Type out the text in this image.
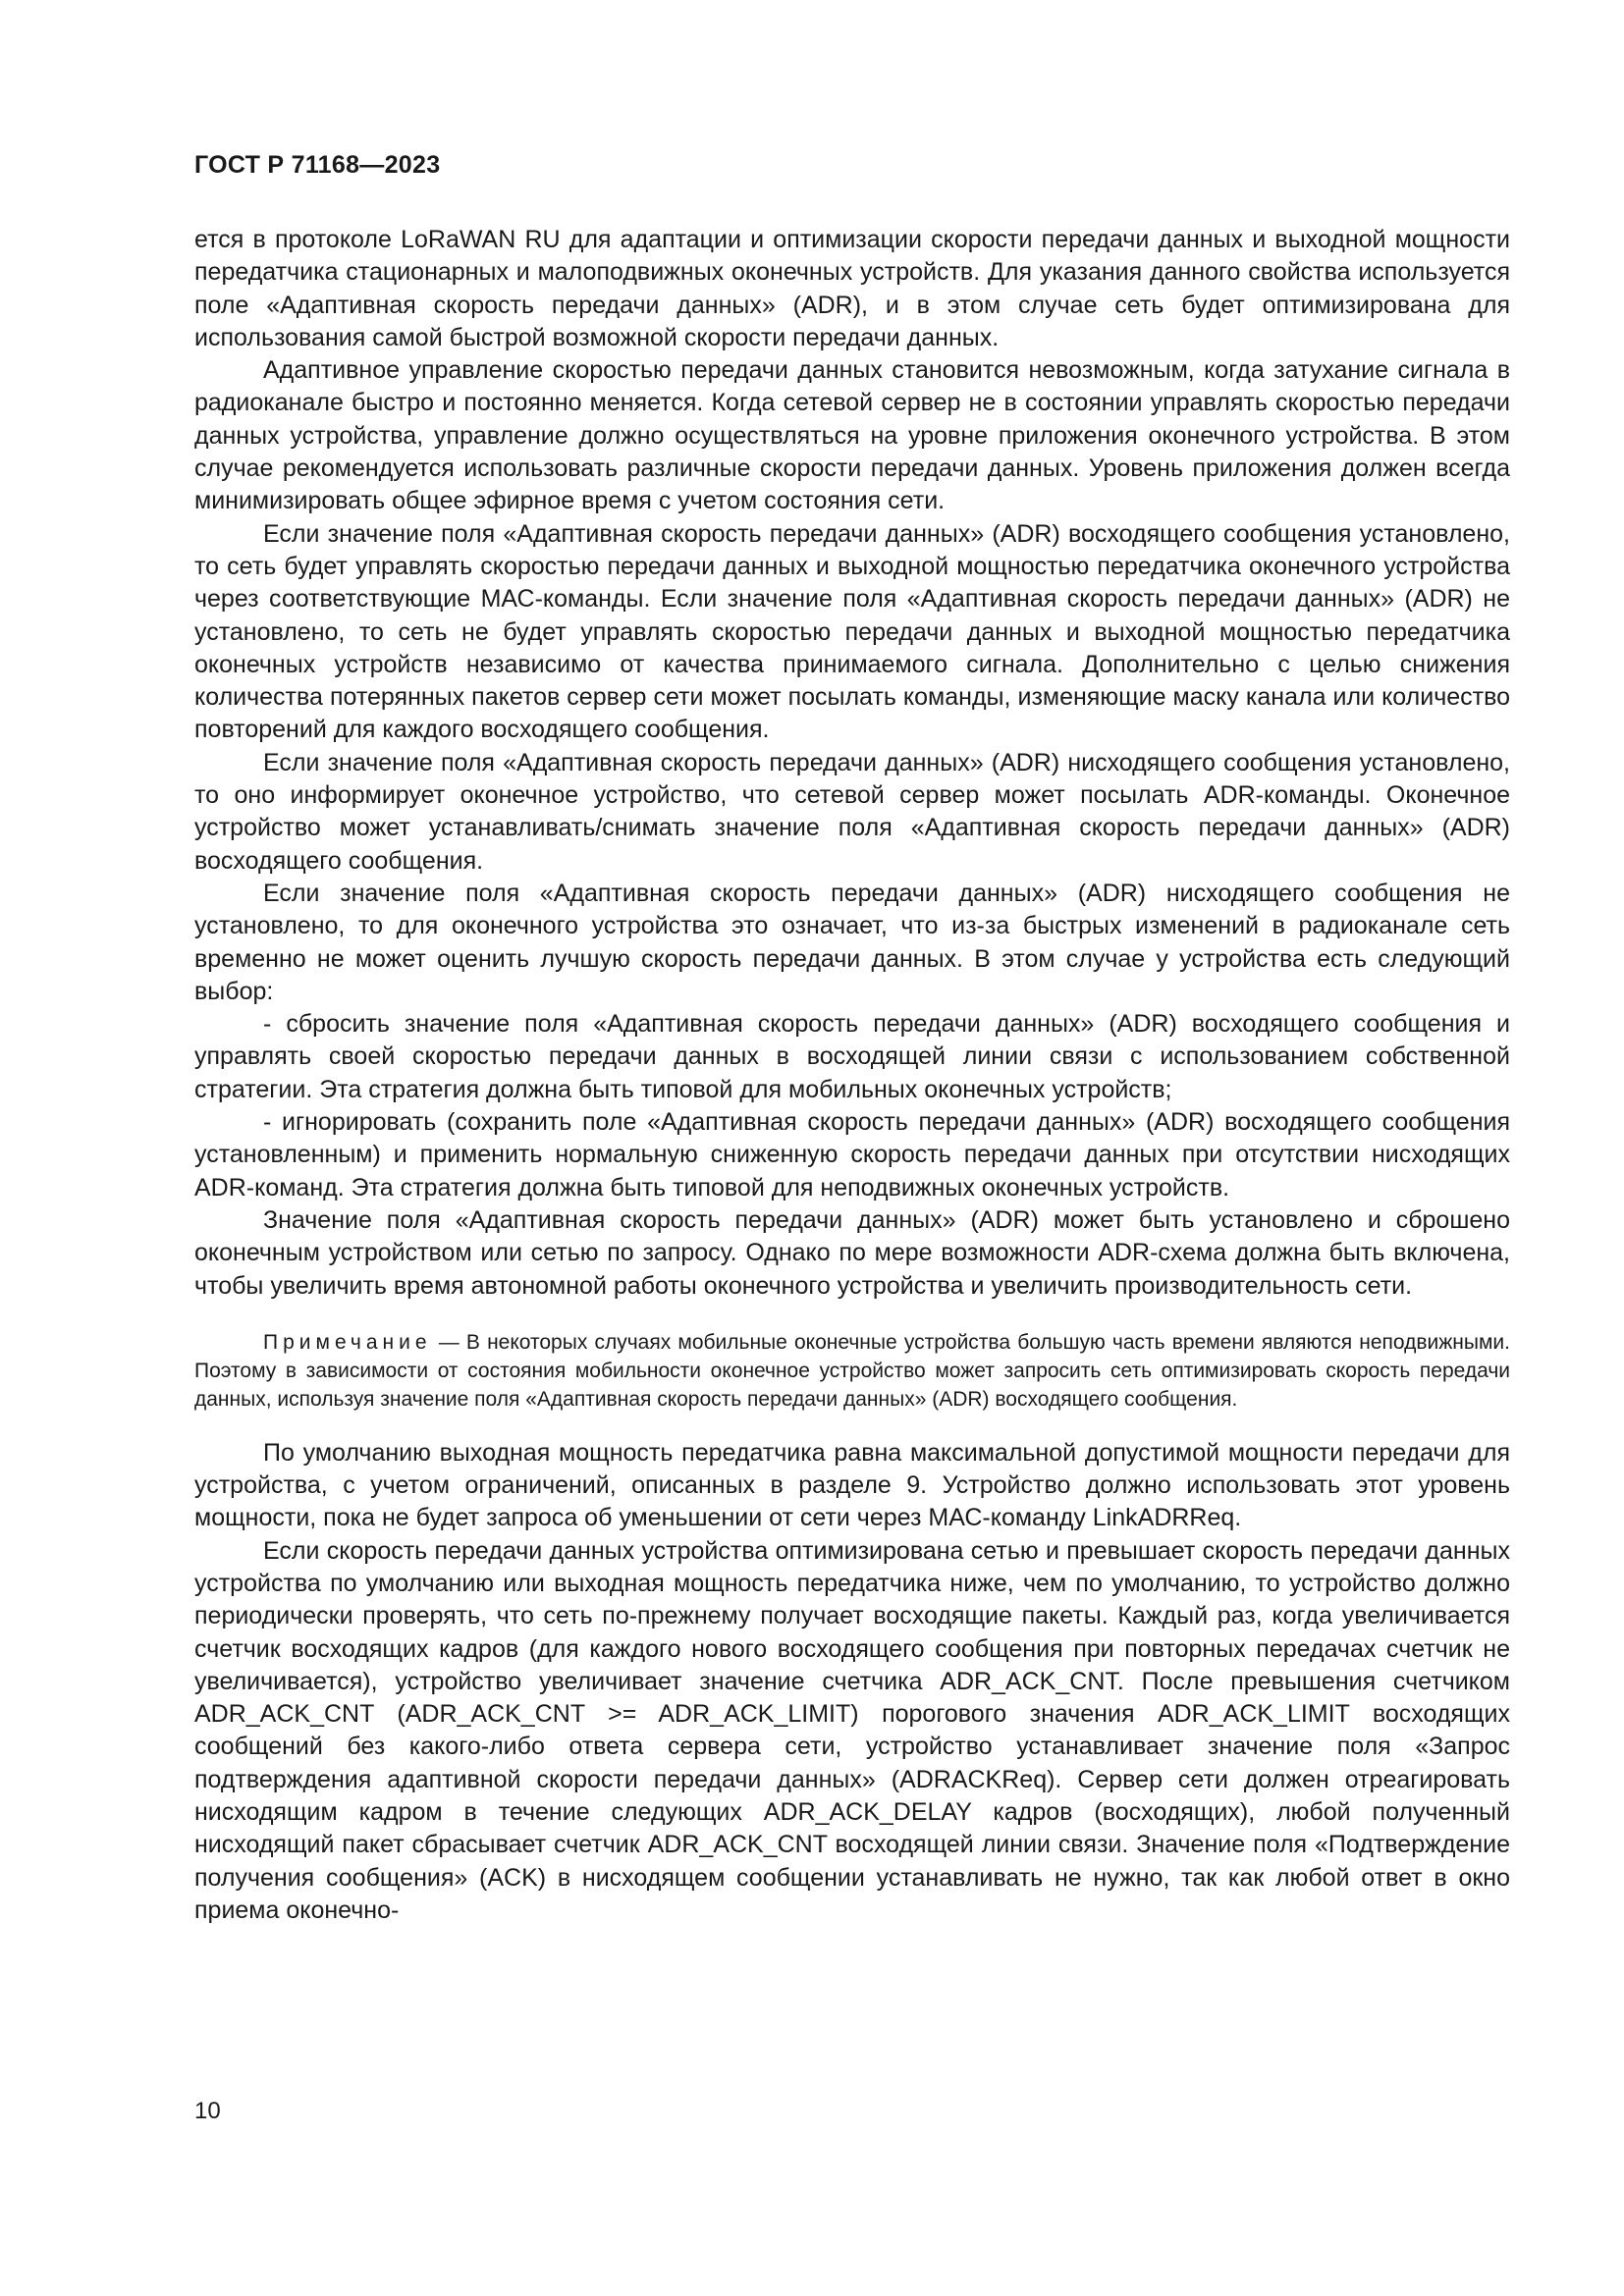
ГОСТ Р 71168—2023

ется в протоколе LoRaWAN RU для адаптации и оптимизации скорости передачи данных и выходной мощности передатчика стационарных и малоподвижных оконечных устройств. Для указания данного свойства используется поле «Адаптивная скорость передачи данных» (ADR), и в этом случае сеть будет оптимизирована для использования самой быстрой возможной скорости передачи данных.

Адаптивное управление скоростью передачи данных становится невозможным, когда затухание сигнала в радиоканале быстро и постоянно меняется. Когда сетевой сервер не в состоянии управлять скоростью передачи данных устройства, управление должно осуществляться на уровне приложения оконечного устройства. В этом случае рекомендуется использовать различные скорости передачи данных. Уровень приложения должен всегда минимизировать общее эфирное время с учетом состояния сети.

Если значение поля «Адаптивная скорость передачи данных» (ADR) восходящего сообщения установлено, то сеть будет управлять скоростью передачи данных и выходной мощностью передатчика оконечного устройства через соответствующие МАС-команды. Если значение поля «Адаптивная скорость передачи данных» (ADR) не установлено, то сеть не будет управлять скоростью передачи данных и выходной мощностью передатчика оконечных устройств независимо от качества принимаемого сигнала. Дополнительно с целью снижения количества потерянных пакетов сервер сети может посылать команды, изменяющие маску канала или количество повторений для каждого восходящего сообщения.

Если значение поля «Адаптивная скорость передачи данных» (ADR) нисходящего сообщения установлено, то оно информирует оконечное устройство, что сетевой сервер может посылать ADR-команды. Оконечное устройство может устанавливать/снимать значение поля «Адаптивная скорость передачи данных» (ADR) восходящего сообщения.

Если значение поля «Адаптивная скорость передачи данных» (ADR) нисходящего сообщения не установлено, то для оконечного устройства это означает, что из-за быстрых изменений в радиоканале сеть временно не может оценить лучшую скорость передачи данных. В этом случае у устройства есть следующий выбор:

- сбросить значение поля «Адаптивная скорость передачи данных» (ADR) восходящего сообщения и управлять своей скоростью передачи данных в восходящей линии связи с использованием собственной стратегии. Эта стратегия должна быть типовой для мобильных оконечных устройств;

- игнорировать (сохранить поле «Адаптивная скорость передачи данных» (ADR) восходящего сообщения установленным) и применить нормальную сниженную скорость передачи данных при отсутствии нисходящих ADR-команд. Эта стратегия должна быть типовой для неподвижных оконечных устройств.

Значение поля «Адаптивная скорость передачи данных» (ADR) может быть установлено и сброшено оконечным устройством или сетью по запросу. Однако по мере возможности ADR-схема должна быть включена, чтобы увеличить время автономной работы оконечного устройства и увеличить производительность сети.

Примечание — В некоторых случаях мобильные оконечные устройства большую часть времени являются неподвижными. Поэтому в зависимости от состояния мобильности оконечное устройство может запросить сеть оптимизировать скорость передачи данных, используя значение поля «Адаптивная скорость передачи данных» (ADR) восходящего сообщения.

По умолчанию выходная мощность передатчика равна максимальной допустимой мощности передачи для устройства, с учетом ограничений, описанных в разделе 9. Устройство должно использовать этот уровень мощности, пока не будет запроса об уменьшении от сети через МАС-команду LinkADRReq.

Если скорость передачи данных устройства оптимизирована сетью и превышает скорость передачи данных устройства по умолчанию или выходная мощность передатчика ниже, чем по умолчанию, то устройство должно периодически проверять, что сеть по-прежнему получает восходящие пакеты. Каждый раз, когда увеличивается счетчик восходящих кадров (для каждого нового восходящего сообщения при повторных передачах счетчик не увеличивается), устройство увеличивает значение счетчика ADR_ACK_CNT. После превышения счетчиком ADR_ACK_CNT (ADR_ACK_CNT >= ADR_ACK_LIMIT) порогового значения ADR_ACK_LIMIT восходящих сообщений без какого-либо ответа сервера сети, устройство устанавливает значение поля «Запрос подтверждения адаптивной скорости передачи данных» (ADRACKReq). Сервер сети должен отреагировать нисходящим кадром в течение следующих ADR_ACK_DELAY кадров (восходящих), любой полученный нисходящий пакет сбрасывает счетчик ADR_ACK_CNT восходящей линии связи. Значение поля «Подтверждение получения сообщения» (ACK) в нисходящем сообщении устанавливать не нужно, так как любой ответ в окно приема оконечно-

10
